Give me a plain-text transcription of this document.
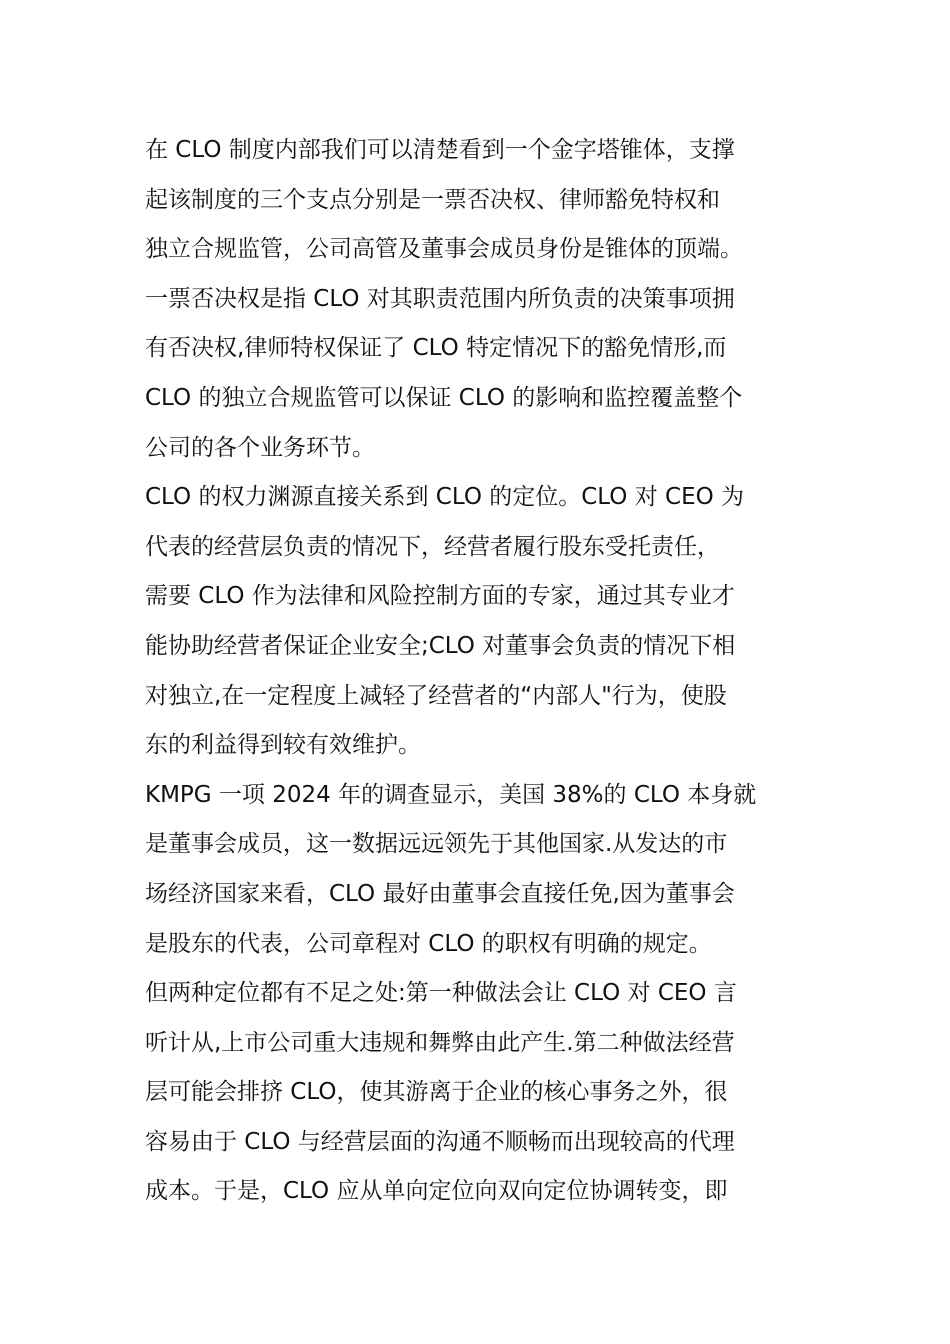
在 CLO 制度内部我们可以清楚看到一个金字塔锥体，支撑
起该制度的三个支点分别是一票否决权、律师豁免特权和
独立合规监管，公司高管及董事会成员身份是锥体的顶端。

一票否决权是指 CLO 对其职责范围内所负责的决策事项拥
有否决权,律师特权保证了 CLO 特定情况下的豁免情形,而
CLO 的独立合规监管可以保证 CLO 的影响和监控覆盖整个
公司的各个业务环节。

CLO 的权力渊源直接关系到 CLO 的定位。CLO 对 CEO 为
代表的经营层负责的情况下，经营者履行股东受托责任，
需要 CLO 作为法律和风险控制方面的专家，通过其专业才
能协助经营者保证企业安全;CLO 对董事会负责的情况下相
对独立,在一定程度上减轻了经营者的“内部人"行为，使股
东的利益得到较有效维护。

KMPG 一项 2024 年的调查显示，美国 38%的 CLO 本身就
是董事会成员，这一数据远远领先于其他国家.从发达的市
场经济国家来看，CLO 最好由董事会直接任免,因为董事会
是股东的代表，公司章程对 CLO 的职权有明确的规定。

但两种定位都有不足之处:第一种做法会让 CLO 对 CEO 言
听计从,上市公司重大违规和舞弊由此产生.第二种做法经营
层可能会排挤 CLO，使其游离于企业的核心事务之外，很
容易由于 CLO 与经营层面的沟通不顺畅而出现较高的代理
成本。于是，CLO 应从单向定位向双向定位协调转变，即
